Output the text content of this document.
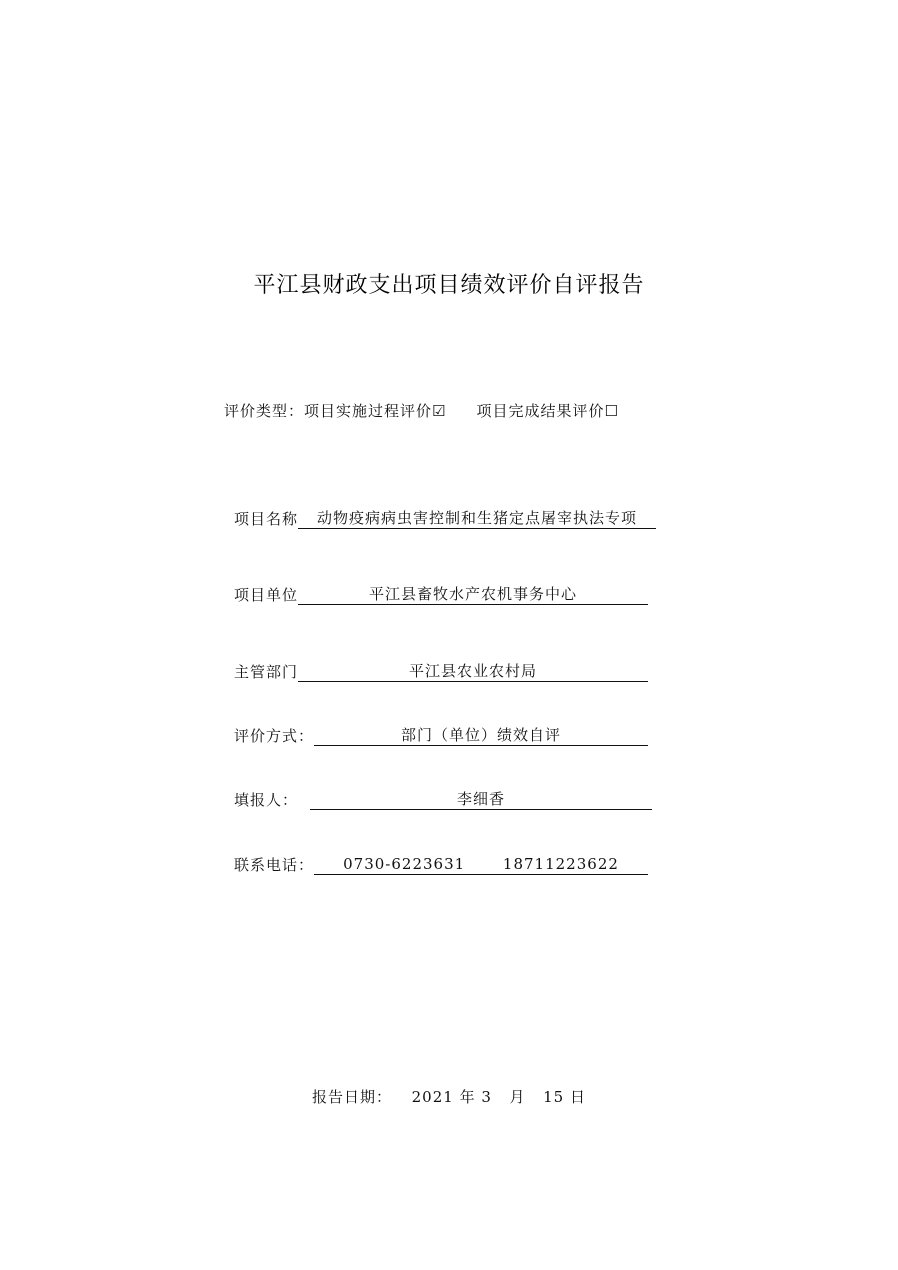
平江县财政支出项目绩效评价自评报告
评价类型：项目实施过程评价☑ 项目完成结果评价☐
项目名称	动物疫病病虫害控制和生猪定点屠宰执法专项
项目单位	平江县畜牧水产农机事务中心
主管部门	平江县农业农村局
评价方式：	部门（单位）绩效自评
填报人：	李细香
联系电话：	0730-6223631　　 18711223622
报告日期： 2021 年 3 月 15 日
